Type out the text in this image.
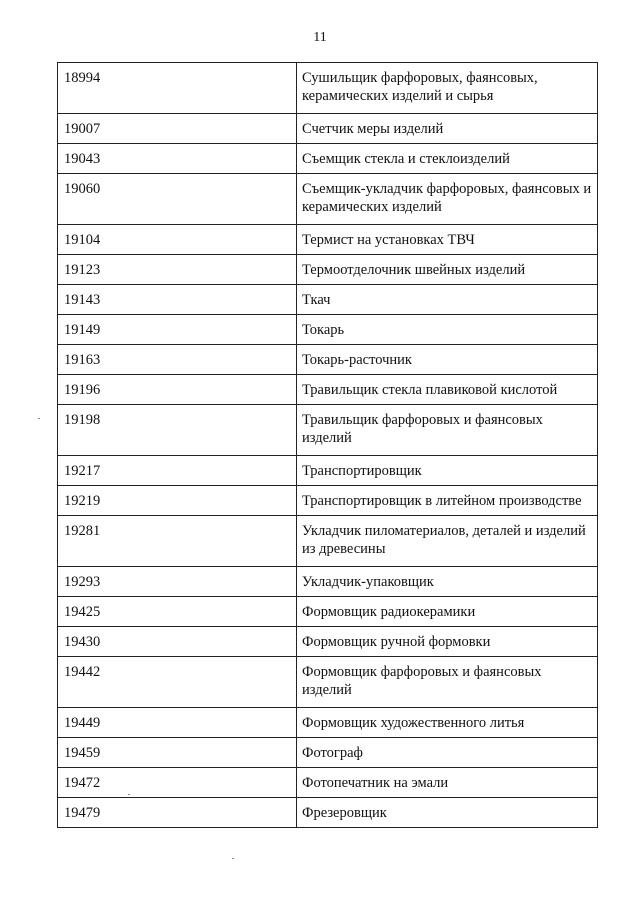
11
18994	Сушильщик фарфоровых, фаянсовых, керамических изделий и сырья
19007	Счетчик меры изделий
19043	Съемщик стекла и стеклоизделий
19060	Съемщик-укладчик фарфоровых, фаянсовых и керамических изделий
19104	Термист на установках ТВЧ
19123	Термоотделочник швейных изделий
19143	Ткач
19149	Токарь
19163	Токарь-расточник
19196	Травильщик стекла плавиковой кислотой
19198	Травильщик фарфоровых и фаянсовых изделий
19217	Транспортировщик
19219	Транспортировщик в литейном производстве
19281	Укладчик пиломатериалов, деталей и изделий из древесины
19293	Укладчик-упаковщик
19425	Формовщик радиокерамики
19430	Формовщик ручной формовки
19442	Формовщик фарфоровых и фаянсовых изделий
19449	Формовщик художественного литья
19459	Фотограф
19472	Фотопечатник на эмали
19479	Фрезеровщик
